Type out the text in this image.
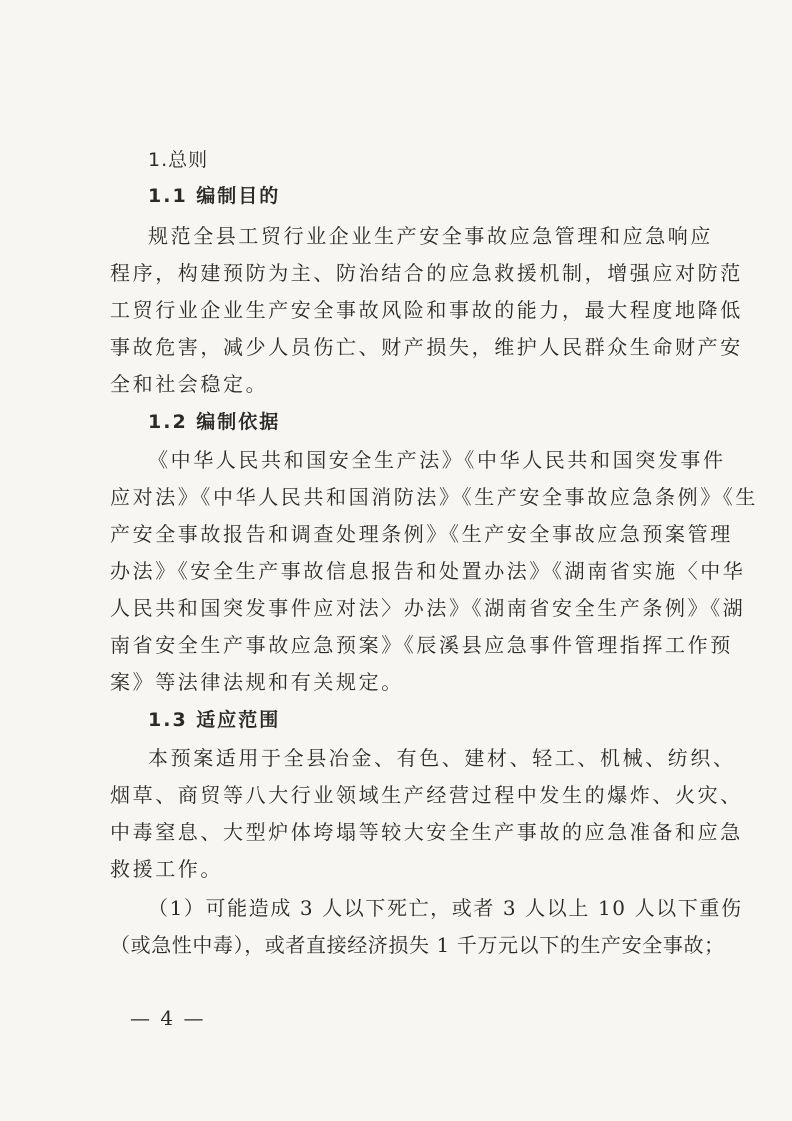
1.总则
1.1 编制目的
规范全县工贸行业企业生产安全事故应急管理和应急响应
程序，构建预防为主、防治结合的应急救援机制，增强应对防范
工贸行业企业生产安全事故风险和事故的能力，最大程度地降低
事故危害，减少人员伤亡、财产损失，维护人民群众生命财产安
全和社会稳定。
1.2 编制依据
《中华人民共和国安全生产法》《中华人民共和国突发事件
应对法》《中华人民共和国消防法》《生产安全事故应急条例》《生
产安全事故报告和调查处理条例》《生产安全事故应急预案管理
办法》《安全生产事故信息报告和处置办法》《湖南省实施〈中华
人民共和国突发事件应对法〉办法》《湖南省安全生产条例》《湖
南省安全生产事故应急预案》《辰溪县应急事件管理指挥工作预
案》等法律法规和有关规定。
1.3 适应范围
本预案适用于全县冶金、有色、建材、轻工、机械、纺织、
烟草、商贸等八大行业领域生产经营过程中发生的爆炸、火灾、
中毒窒息、大型炉体垮塌等较大安全生产事故的应急准备和应急
救援工作。
（1）可能造成 3 人以下死亡，或者 3 人以上 10 人以下重伤
（或急性中毒），或者直接经济损失 1 千万元以下的生产安全事故；
— 4 —
